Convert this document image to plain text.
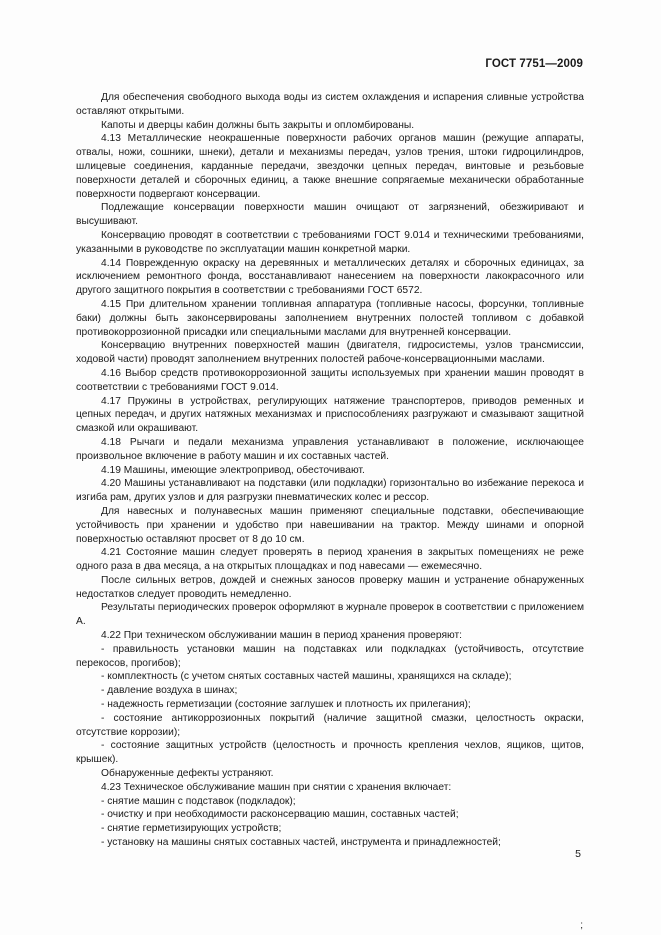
ГОСТ 7751—2009

Для обеспечения свободного выхода воды из систем охлаждения и испарения сливные устройства оставляют открытыми.

Капоты и дверцы кабин должны быть закрыты и опломбированы.

4.13 Металлические неокрашенные поверхности рабочих органов машин (режущие аппараты, отвалы, ножи, сошники, шнеки), детали и механизмы передач, узлов трения, штоки гидроцилиндров, шлицевые соединения, карданные передачи, звездочки цепных передач, винтовые и резьбовые поверхности деталей и сборочных единиц, а также внешние сопрягаемые механически обработанные поверхности подвергают консервации.

Подлежащие консервации поверхности машин очищают от загрязнений, обезжиривают и высушивают.

Консервацию проводят в соответствии с требованиями ГОСТ 9.014 и техническими требованиями, указанными в руководстве по эксплуатации машин конкретной марки.

4.14 Поврежденную окраску на деревянных и металлических деталях и сборочных единицах, за исключением ремонтного фонда, восстанавливают нанесением на поверхности лакокрасочного или другого защитного покрытия в соответствии с требованиями ГОСТ 6572.

4.15 При длительном хранении топливная аппаратура (топливные насосы, форсунки, топливные баки) должны быть законсервированы заполнением внутренних полостей топливом с добавкой противокоррозионной присадки или специальными маслами для внутренней консервации.

Консервацию внутренних поверхностей машин (двигателя, гидросистемы, узлов трансмиссии, ходовой части) проводят заполнением внутренних полостей рабоче-консервационными маслами.

4.16 Выбор средств противокоррозионной защиты используемых при хранении машин проводят в соответствии с требованиями ГОСТ 9.014.

4.17 Пружины в устройствах, регулирующих натяжение транспортеров, приводов ременных и цепных передач, и других натяжных механизмах и приспособлениях разгружают и смазывают защитной смазкой или окрашивают.

4.18 Рычаги и педали механизма управления устанавливают в положение, исключающее произвольное включение в работу машин и их составных частей.

4.19 Машины, имеющие электропривод, обесточивают.

4.20 Машины устанавливают на подставки (или подкладки) горизонтально во избежание перекоса и изгиба рам, других узлов и для разгрузки пневматических колес и рессор.

Для навесных и полунавесных машин применяют специальные подставки, обеспечивающие устойчивость при хранении и удобство при навешивании на трактор. Между шинами и опорной поверхностью оставляют просвет от 8 до 10 см.

4.21 Состояние машин следует проверять в период хранения в закрытых помещениях не реже одного раза в два месяца, а на открытых площадках и под навесами — ежемесячно.

После сильных ветров, дождей и снежных заносов проверку машин и устранение обнаруженных недостатков следует проводить немедленно.

Результаты периодических проверок оформляют в журнале проверок в соответствии с приложением А.

4.22 При техническом обслуживании машин в период хранения проверяют:

- правильность установки машин на подставках или подкладках (устойчивость, отсутствие перекосов, прогибов);

- комплектность (с учетом снятых составных частей машины, хранящихся на складе);

- давление воздуха в шинах;

- надежность герметизации (состояние заглушек и плотность их прилегания);

- состояние антикоррозионных покрытий (наличие защитной смазки, целостность окраски, отсутствие коррозии);

- состояние защитных устройств (целостность и прочность крепления чехлов, ящиков, щитов, крышек).

Обнаруженные дефекты устраняют.

4.23 Техническое обслуживание машин при снятии с хранения включает:

- снятие машин с подставок (подкладок);

- очистку и при необходимости расконсервацию машин, составных частей;

- снятие герметизирующих устройств;

- установку на машины снятых составных частей, инструмента и принадлежностей;

5
;
